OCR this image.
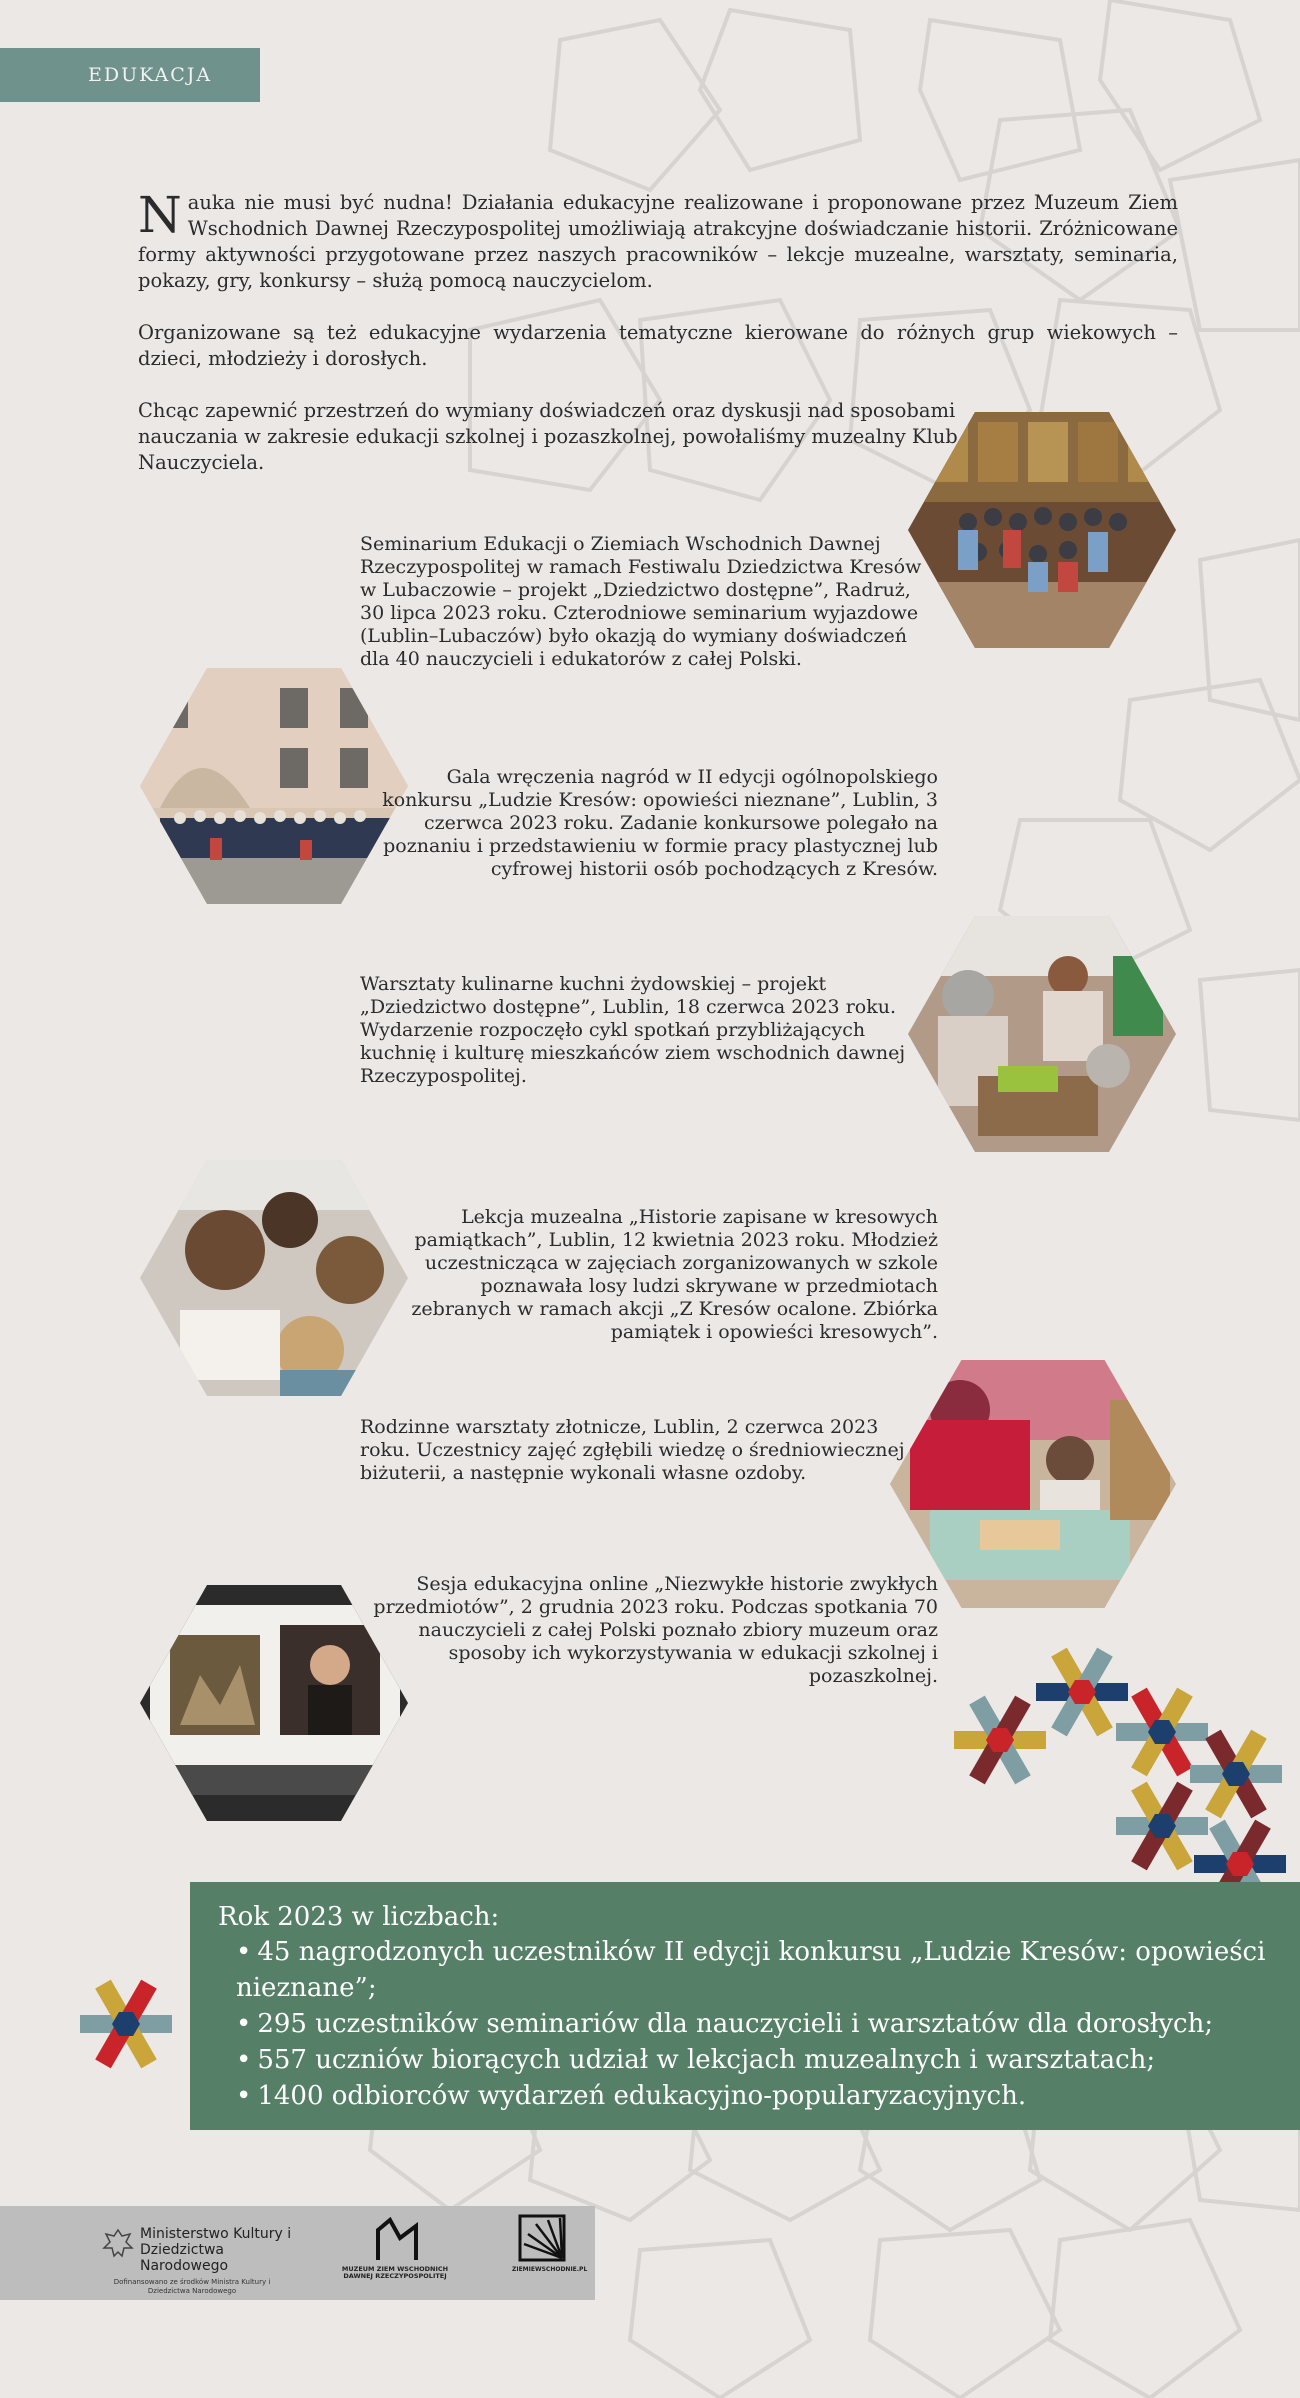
EDUKACJA

Nauka nie musi być nudna! Działania edukacyjne realizowane i proponowane przez Muzeum Ziem Wschodnich Dawnej Rzeczypospolitej umożliwiają atrakcyjne doświadczanie historii. Zróżnicowane formy aktywności przygotowane przez naszych pracowników – lekcje muzealne, warsztaty, seminaria, pokazy, gry, konkursy – służą pomocą nauczycielom.

Organizowane są też edukacyjne wydarzenia tematyczne kierowane do różnych grup wiekowych – dzieci, młodzieży i dorosłych.

Chcąc zapewnić przestrzeń do wymiany doświadczeń oraz dyskusji nad sposobami nauczania w zakresie edukacji szkolnej i pozaszkolnej, powołaliśmy muzealny Klub Nauczyciela.

Seminarium Edukacji o Ziemiach Wschodnich Dawnej Rzeczypospolitej w ramach Festiwalu Dziedzictwa Kresów w Lubaczowie – projekt „Dziedzictwo dostępne”, Radruż, 30 lipca 2023 roku. Czterodniowe seminarium wyjazdowe (Lublin–Lubaczów) było okazją do wymiany doświadczeń dla 40 nauczycieli i edukatorów z całej Polski.
Gala wręczenia nagród w II edycji ogólnopolskiego konkursu „Ludzie Kresów: opowieści nieznane”, Lublin, 3 czerwca 2023 roku. Zadanie konkursowe polegało na poznaniu i przedstawieniu w formie pracy plastycznej lub cyfrowej historii osób pochodzących z Kresów.
Warsztaty kulinarne kuchni żydowskiej – projekt „Dziedzictwo dostępne”, Lublin, 18 czerwca 2023 roku. Wydarzenie rozpoczęło cykl spotkań przybliżających kuchnię i kulturę mieszkańców ziem wschodnich dawnej Rzeczypospolitej.
Lekcja muzealna „Historie zapisane w kresowych pamiątkach”, Lublin, 12 kwietnia 2023 roku. Młodzież uczestnicząca w zajęciach zorganizowanych w szkole poznawała losy ludzi skrywane w przedmiotach zebranych w ramach akcji „Z Kresów ocalone. Zbiórka pamiątek i opowieści kresowych”.
Rodzinne warsztaty złotnicze, Lublin, 2 czerwca 2023 roku. Uczestnicy zajęć zgłębili wiedzę o średniowiecznej biżuterii, a następnie wykonali własne ozdoby.
Sesja edukacyjna online „Niezwykłe historie zwykłych przedmiotów”, 2 grudnia 2023 roku. Podczas spotkania 70 nauczycieli z całej Polski poznało zbiory muzeum oraz sposoby ich wykorzystywania w edukacji szkolnej i pozaszkolnej.

Rok 2023 w liczbach:

• 45 nagrodzonych uczestników II edycji konkursu „Ludzie Kresów: opowieści nieznane”;
• 295 uczestników seminariów dla nauczycieli i warsztatów dla dorosłych;
• 557 uczniów biorących udział w lekcjach muzealnych i warsztatach;
• 1400 odbiorców wydarzeń edukacyjno-popularyzacyjnych.
Ministerstwo Kultury i Dziedzictwa Narodowego
Dofinansowano ze środków Ministra Kultury i Dziedzictwa Narodowego
MUZEUM ZIEM WSCHODNICH DAWNEJ RZECZYPOSPOLITEJ
ZIEMIEWSCHODNIE.PL
